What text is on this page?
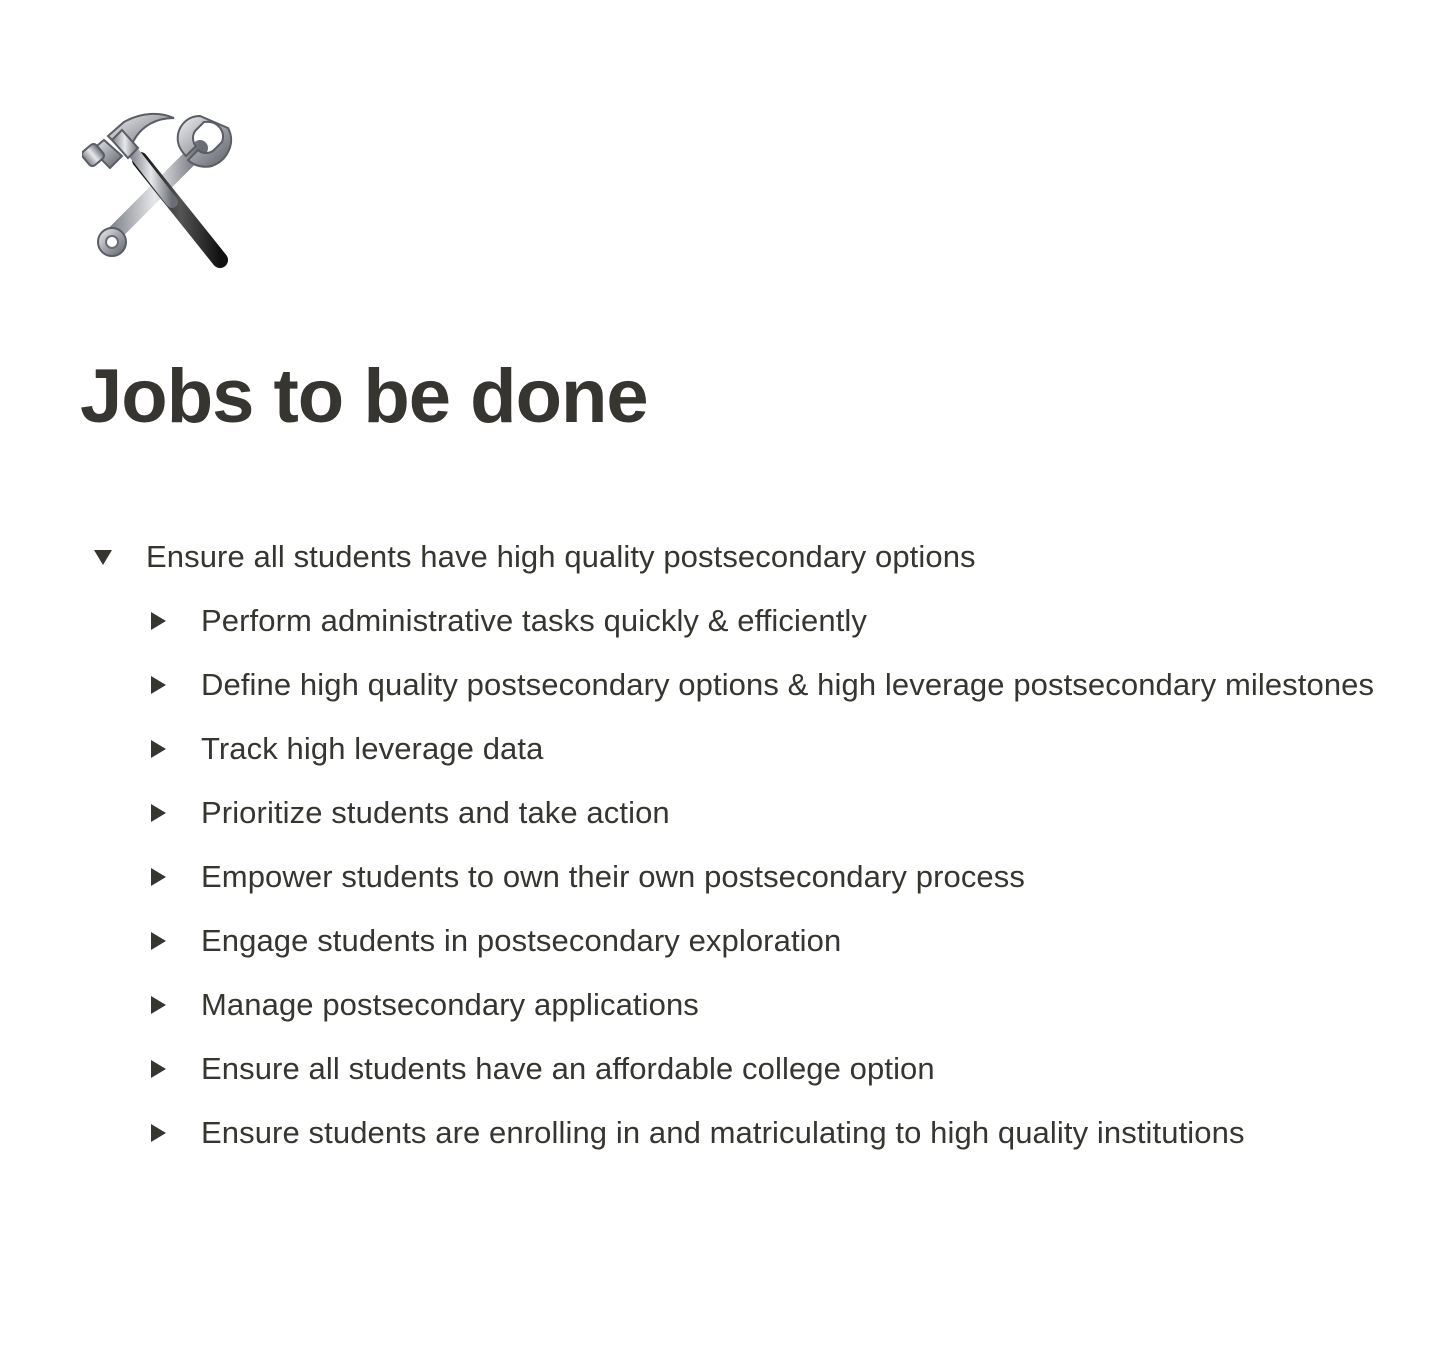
Jobs to be done
Ensure all students have high quality postsecondary options
Perform administrative tasks quickly & efficiently
Define high quality postsecondary options & high leverage postsecondary milestones
Track high leverage data
Prioritize students and take action
Empower students to own their own postsecondary process
Engage students in postsecondary exploration
Manage postsecondary applications
Ensure all students have an affordable college option
Ensure students are enrolling in and matriculating to high quality institutions
